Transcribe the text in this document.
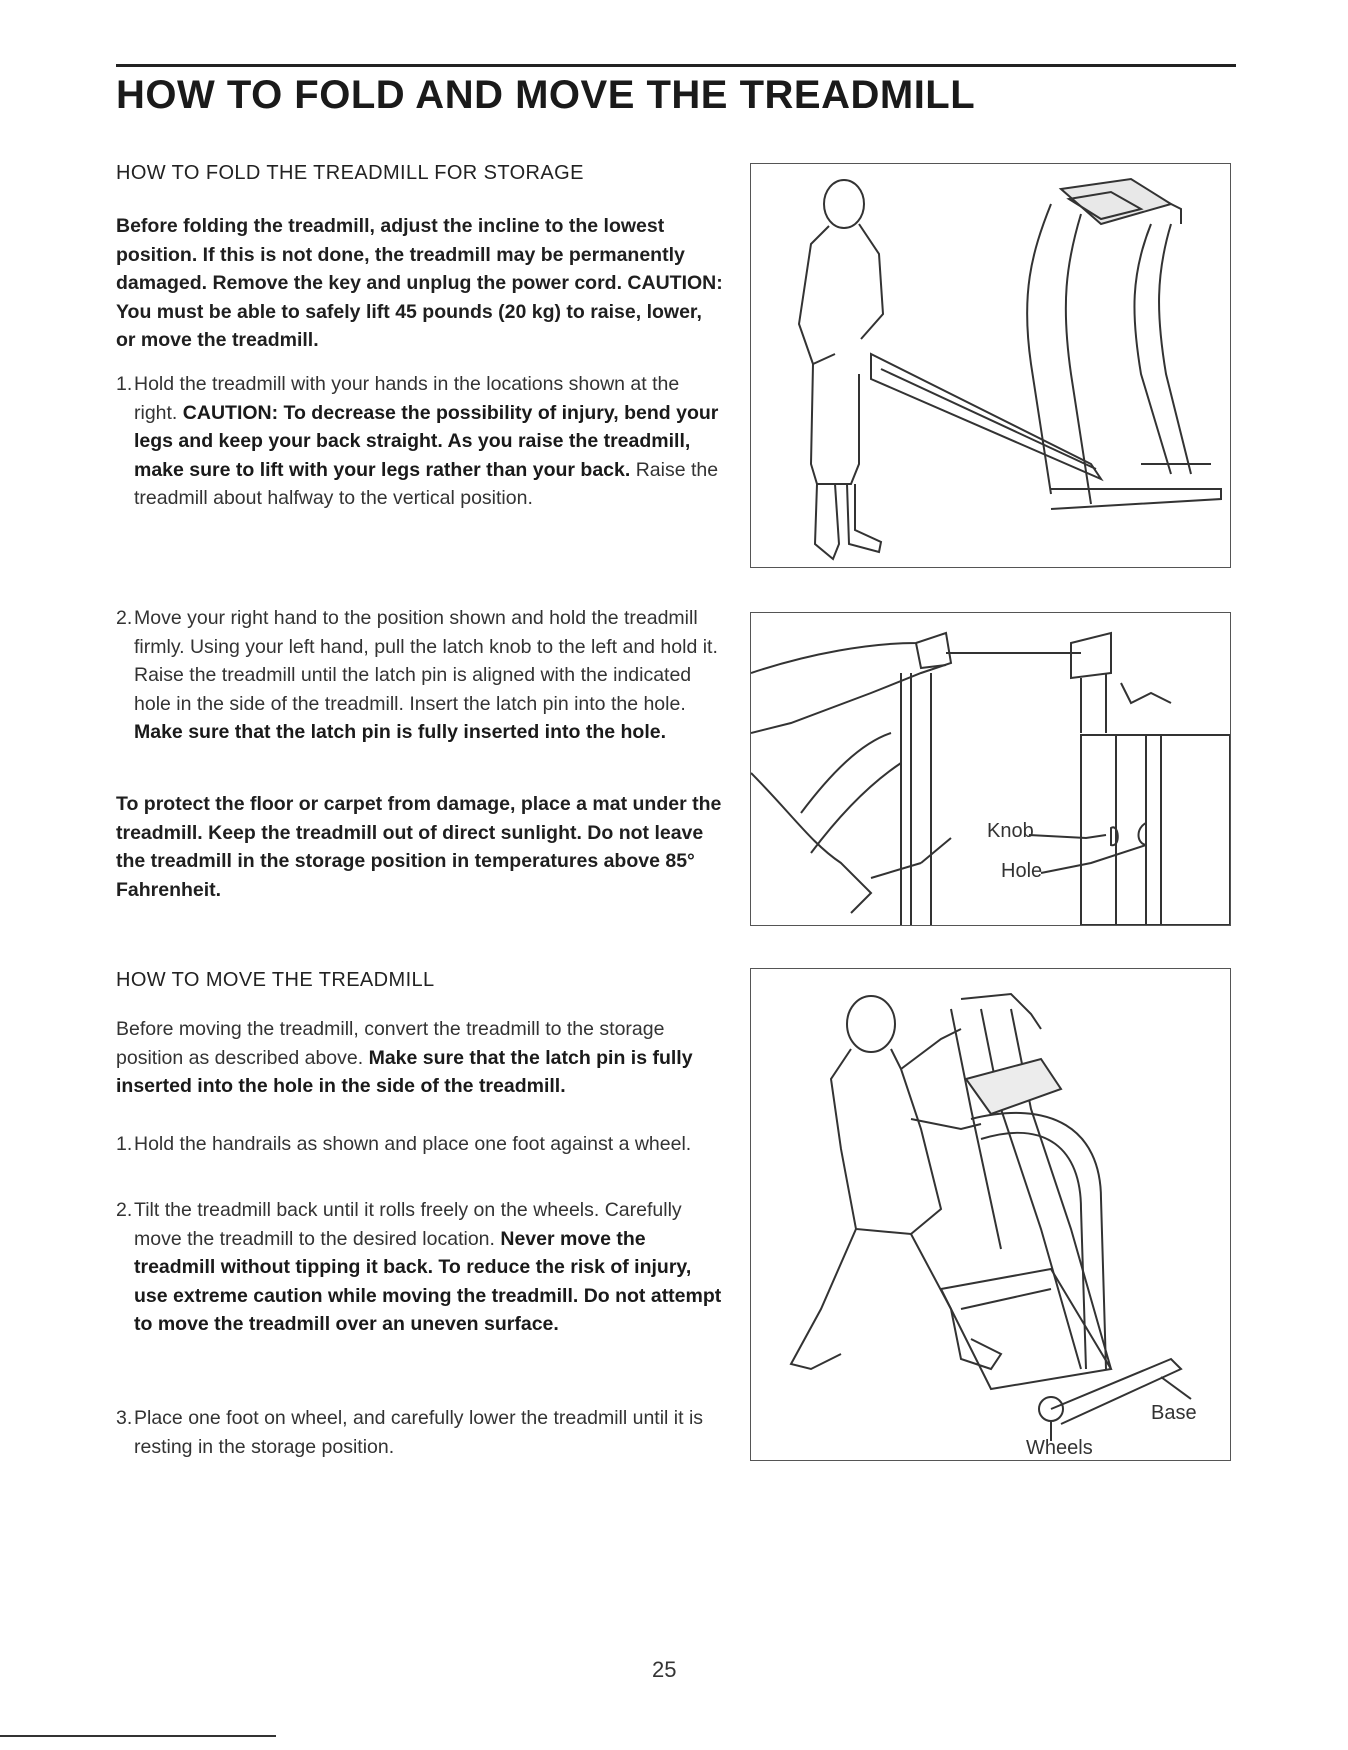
HOW TO FOLD AND MOVE THE TREADMILL
HOW TO FOLD THE TREADMILL FOR STORAGE
Before folding the treadmill, adjust the incline to the lowest position. If this is not done, the treadmill may be permanently damaged. Remove the key and unplug the power cord. CAUTION: You must be able to safely lift 45 pounds (20 kg) to raise, lower, or move the treadmill.
1. Hold the treadmill with your hands in the locations shown at the right. CAUTION: To decrease the possibility of injury, bend your legs and keep your back straight. As you raise the treadmill, make sure to lift with your legs rather than your back. Raise the treadmill about halfway to the vertical position.
2. Move your right hand to the position shown and hold the treadmill firmly. Using your left hand, pull the latch knob to the left and hold it. Raise the treadmill until the latch pin is aligned with the indicated hole in the side of the treadmill. Insert the latch pin into the hole. Make sure that the latch pin is fully inserted into the hole.
To protect the floor or carpet from damage, place a mat under the treadmill. Keep the treadmill out of direct sunlight. Do not leave the treadmill in the storage position in temperatures above 85° Fahrenheit.
HOW TO MOVE THE TREADMILL
Before moving the treadmill, convert the treadmill to the storage position as described above. Make sure that the latch pin is fully inserted into the hole in the side of the treadmill.
1. Hold the handrails as shown and place one foot against a wheel.
2. Tilt the treadmill back until it rolls freely on the wheels. Carefully move the treadmill to the desired location. Never move the treadmill without tipping it back. To reduce the risk of injury, use extreme caution while moving the treadmill. Do not attempt to move the treadmill over an uneven surface.
3. Place one foot on wheel, and carefully lower the treadmill until it is resting in the storage position.
Knob
Hole
Base
Wheels
25
